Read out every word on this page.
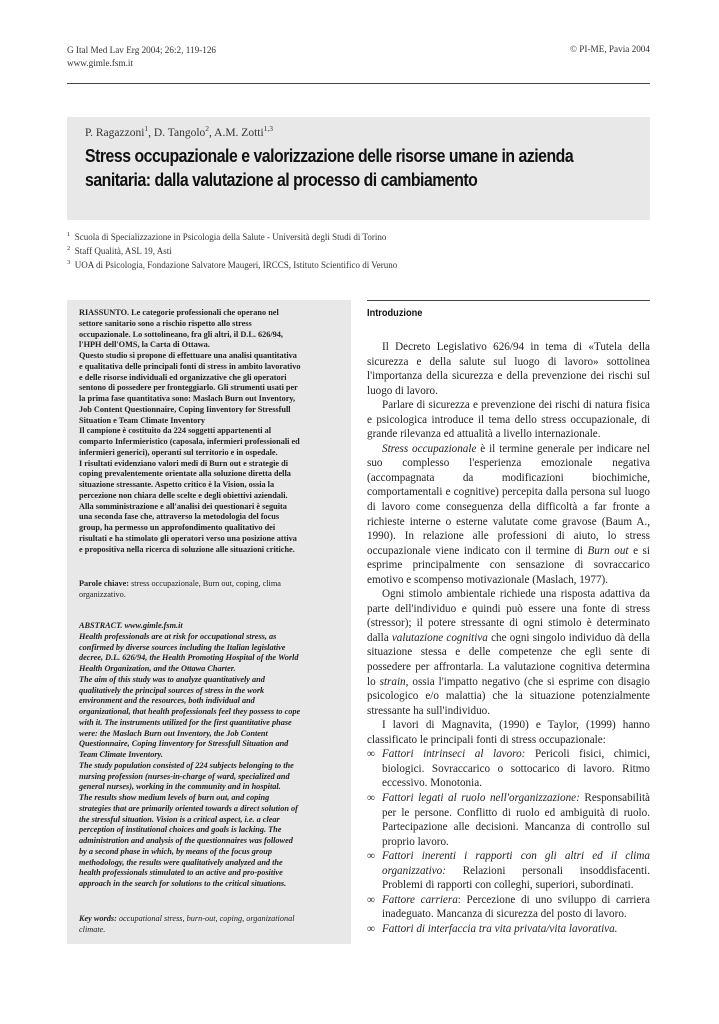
G Ital Med Lav Erg 2004; 26:2, 119-126
www.gimle.fsm.it
© PI-ME, Pavia 2004
P. Ragazzoni$^1$, D. Tangolo$^2$, A.M. Zotti$^{1,3}$
Stress occupazionale e valorizzazione delle risorse umane in azienda
sanitaria: dalla valutazione al processo di cambiamento
$^1$ Scuola di Specializzazione in Psicologia della Salute - Università degli Studi di Torino
$^2$ Staff Qualità, ASL 19, Asti
$^3$ UOA di Psicologia, Fondazione Salvatore Maugeri, IRCCS, Istituto Scientifico di Veruno
RIASSUNTO. Le categorie professionali che operano nel
settore sanitario sono a rischio rispetto allo stress
occupazionale. Lo sottolineano, fra gli altri, il D.L. 626/94,
l'HPH dell'OMS, la Carta di Ottawa.
Questo studio si propone di effettuare una analisi quantitativa
e qualitativa delle principali fonti di stress in ambito lavorativo
e delle risorse individuali ed organizzative che gli operatori
sentono di possedere per fronteggiarlo. Gli strumenti usati per
la prima fase quantitativa sono: Maslach Burn out Inventory,
Job Content Questionnaire, Coping Iinventory for Stressfull
Situation e Team Climate Inventory
Il campione è costituito da 224 soggetti appartenenti al
comparto Infermieristico (caposala, infermieri professionali ed
infermieri generici), operanti sul territorio e in ospedale.
I risultati evidenziano valori medi di Burn out e strategie di
coping prevalentemente orientate alla soluzione diretta della
situazione stressante. Aspetto critico è la Vision, ossia la
percezione non chiara delle scelte e degli obiettivi aziendali.
Alla somministrazione e all'analisi dei questionari è seguita
una seconda fase che, attraverso la metodologia del focus
group, ha permesso un approfondimento qualitativo dei
risultati e ha stimolato gli operatori verso una posizione attiva
e propositiva nella ricerca di soluzione alle situazioni critiche.
Parole chiave: stress occupazionale, Burn out, coping, clima
organizzativo.
ABSTRACT. www.gimle.fsm.it
Health professionals are at risk for occupational stress, as
confirmed by diverse sources including the Italian legislative
decree, D.L. 626/94, the Health Promoting Hospital of the World
Health Organization, and the Ottawa Charter.
The aim of this study was to analyze quantitatively and
qualitatively the principal sources of stress in the work
environment and the resources, both individual and
organizational, that health professionals feel they possess to cope
with it. The instruments utilized for the first quantitative phase
were: the Maslach Burn out Inventory, the Job Content
Questionnaire, Coping Iinventory for Stressfull Situation and
Team Climate Inventory.
The study population consisted of 224 subjects belonging to the
nursing profession (nurses-in-charge of ward, specialized and
general nurses), working in the community and in hospital.
The results show medium levels of burn out, and coping
strategies that are primarily oriented towards a direct solution of
the stressful situation. Vision is a critical aspect, i.e. a clear
perception of institutional choices and goals is lacking. The
administration and analysis of the questionnaires was followed
by a second phase in which, by means of the focus group
methodology, the results were qualitatively analyzed and the
health professionals stimulated to an active and pro-positive
approach in the search for solutions to the critical situations.
Key words: occupational stress, burn-out, coping, organizational
climate.
Introduzione

Il Decreto Legislativo 626/94 in tema di «Tutela della sicurezza e della salute sul luogo di lavoro» sottolinea l'importanza della sicurezza e della prevenzione dei rischi sul luogo di lavoro.

Parlare di sicurezza e prevenzione dei rischi di natura fisica e psicologica introduce il tema dello stress occupazionale, di grande rilevanza ed attualità a livello internazionale.

Stress occupazionale è il termine generale per indicare nel suo complesso l'esperienza emozionale negativa (accompagnata da modificazioni biochimiche, comportamentali e cognitive) percepita dalla persona sul luogo di lavoro come conseguenza della difficoltà a far fronte a richieste interne o esterne valutate come gravose (Baum A., 1990). In relazione alle professioni di aiuto, lo stress occupazionale viene indicato con il termine di Burn out e si esprime principalmente con sensazione di sovraccarico emotivo e scompenso motivazionale (Maslach, 1977).

Ogni stimolo ambientale richiede una risposta adattiva da parte dell'individuo e quindi può essere una fonte di stress (stressor); il potere stressante di ogni stimolo è determinato dalla valutazione cognitiva che ogni singolo individuo dà della situazione stessa e delle competenze che egli sente di possedere per affrontarla. La valutazione cognitiva determina lo strain, ossia l'impatto negativo (che si esprime con disagio psicologico e/o malattia) che la situazione potenzialmente stressante ha sull'individuo.

I lavori di Magnavita, (1990) e Taylor, (1999) hanno classificato le principali fonti di stress occupazionale:

∞ Fattori intrinseci al lavoro: Pericoli fisici, chimici, biologici. Sovraccarico o sottocarico di lavoro. Ritmo eccessivo. Monotonia.
∞ Fattori legati al ruolo nell'organizzazione: Responsabilità per le persone. Conflitto di ruolo ed ambiguità di ruolo. Partecipazione alle decisioni. Mancanza di controllo sul proprio lavoro.
∞ Fattori inerenti i rapporti con gli altri ed il clima organizzativo: Relazioni personali insoddisfacenti. Problemi di rapporti con colleghi, superiori, subordinati.
∞ Fattore carriera: Percezione di uno sviluppo di carriera inadeguato. Mancanza di sicurezza del posto di lavoro.
∞ Fattori di interfaccia tra vita privata/vita lavorativa.
